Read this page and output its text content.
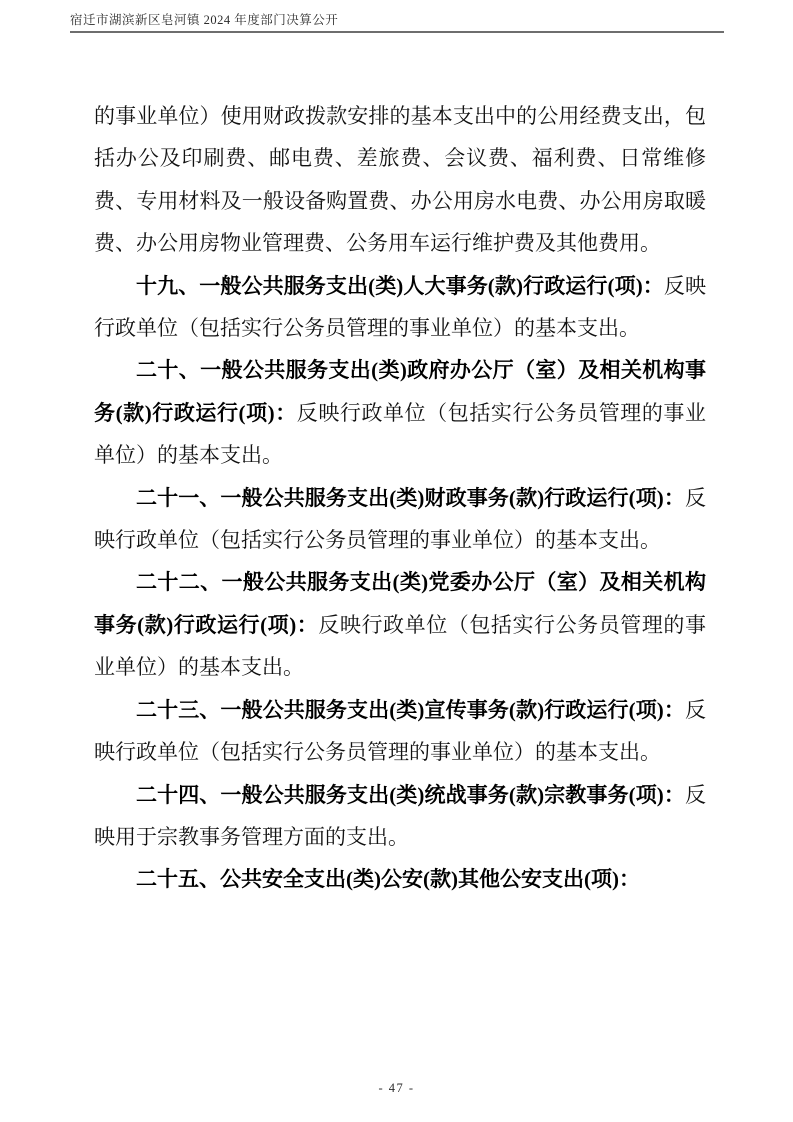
宿迁市湖滨新区皂河镇 2024 年度部门决算公开

的事业单位）使用财政拨款安排的基本支出中的公用经费支出，包括办公及印刷费、邮电费、差旅费、会议费、福利费、日常维修费、专用材料及一般设备购置费、办公用房水电费、办公用房取暖费、办公用房物业管理费、公务用车运行维护费及其他费用。

十九、一般公共服务支出(类)人大事务(款)行政运行(项)：反映行政单位（包括实行公务员管理的事业单位）的基本支出。

二十、一般公共服务支出(类)政府办公厅（室）及相关机构事务(款)行政运行(项)：反映行政单位（包括实行公务员管理的事业单位）的基本支出。

二十一、一般公共服务支出(类)财政事务(款)行政运行(项)：反映行政单位（包括实行公务员管理的事业单位）的基本支出。

二十二、一般公共服务支出(类)党委办公厅（室）及相关机构事务(款)行政运行(项)：反映行政单位（包括实行公务员管理的事业单位）的基本支出。

二十三、一般公共服务支出(类)宣传事务(款)行政运行(项)：反映行政单位（包括实行公务员管理的事业单位）的基本支出。

二十四、一般公共服务支出(类)统战事务(款)宗教事务(项)：反映用于宗教事务管理方面的支出。

二十五、公共安全支出(类)公安(款)其他公安支出(项)：

- 47 -
